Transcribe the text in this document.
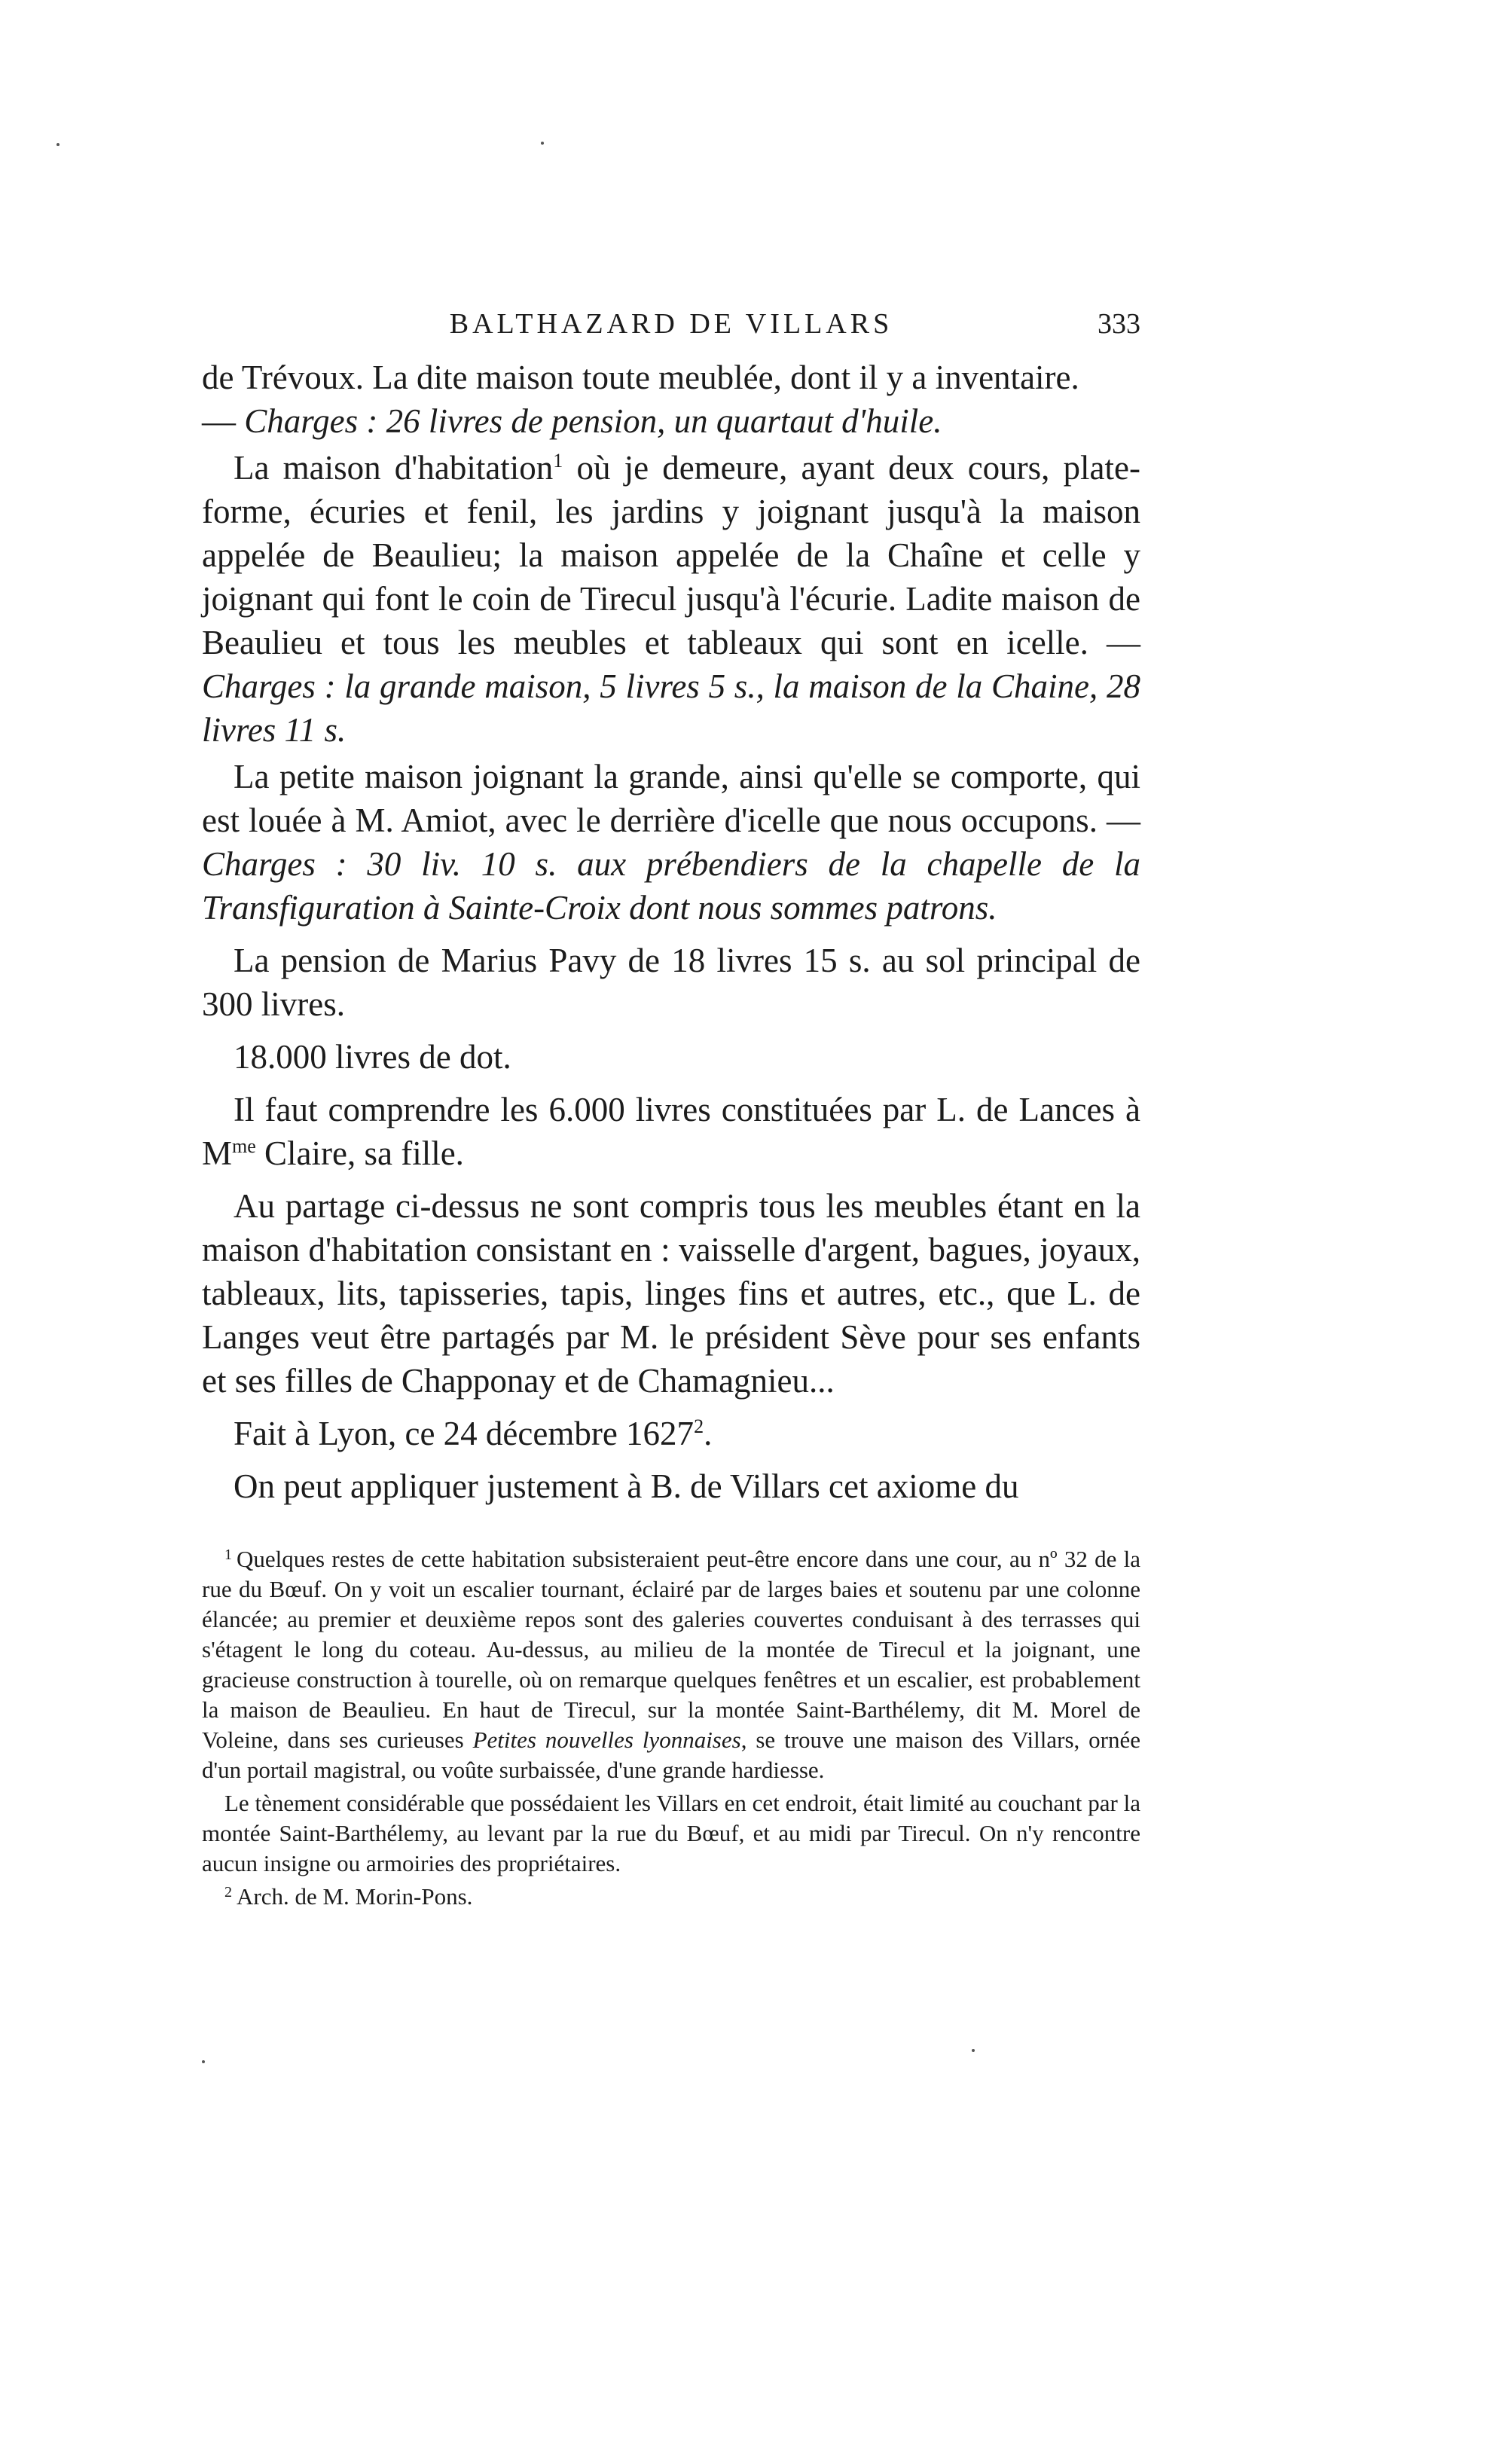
BALTHAZARD DE VILLARS	333

de Trévoux. La dite maison toute meublée, dont il y a inventaire.
— Charges : 26 livres de pension, un quartaut d'huile.

La maison d'habitation$^1$ où je demeure, ayant deux cours, plate-forme, écuries et fenil, les jardins y joignant jusqu'à la maison appelée de Beaulieu; la maison appelée de la Chaîne et celle y joignant qui font le coin de Tirecul jusqu'à l'écurie. Ladite maison de Beaulieu et tous les meubles et tableaux qui sont en icelle. — Charges : la grande maison, 5 livres 5 s., la maison de la Chaine, 28 livres 11 s.

La petite maison joignant la grande, ainsi qu'elle se comporte, qui est louée à M. Amiot, avec le derrière d'icelle que nous occupons. — Charges : 30 liv. 10 s. aux prébendiers de la chapelle de la Transfiguration à Sainte-Croix dont nous sommes patrons.

La pension de Marius Pavy de 18 livres 15 s. au sol principal de 300 livres.

18.000 livres de dot.

Il faut comprendre les 6.000 livres constituées par L. de Lances à $M^{me}$ Claire, sa fille.

Au partage ci-dessus ne sont compris tous les meubles étant en la maison d'habitation consistant en : vaisselle d'argent, bagues, joyaux, tableaux, lits, tapisseries, tapis, linges fins et autres, etc., que L. de Langes veut être partagés par M. le président Sève pour ses enfants et ses filles de Chapponay et de Chamagnieu...

Fait à Lyon, ce 24 décembre 1627$^2$.

On peut appliquer justement à B. de Villars cet axiome du

$^1$ Quelques restes de cette habitation subsisteraient peut-être encore dans une cour, au nº 32 de la rue du Bœuf. On y voit un escalier tournant, éclairé par de larges baies et soutenu par une colonne élancée; au premier et deuxième repos sont des galeries couvertes conduisant à des terrasses qui s'étagent le long du coteau. Au-dessus, au milieu de la montée de Tirecul et la joignant, une gracieuse construction à tourelle, où on remarque quelques fenêtres et un escalier, est probablement la maison de Beaulieu. En haut de Tirecul, sur la montée Saint-Barthélemy, dit M. Morel de Voleine, dans ses curieuses Petites nouvelles lyonnaises, se trouve une maison des Villars, ornée d'un portail magistral, ou voûte surbaissée, d'une grande hardiesse.

Le tènement considérable que possédaient les Villars en cet endroit, était limité au couchant par la montée Saint-Barthélemy, au levant par la rue du Bœuf, et au midi par Tirecul. On n'y rencontre aucun insigne ou armoiries des propriétaires.

$^2$ Arch. de M. Morin-Pons.
